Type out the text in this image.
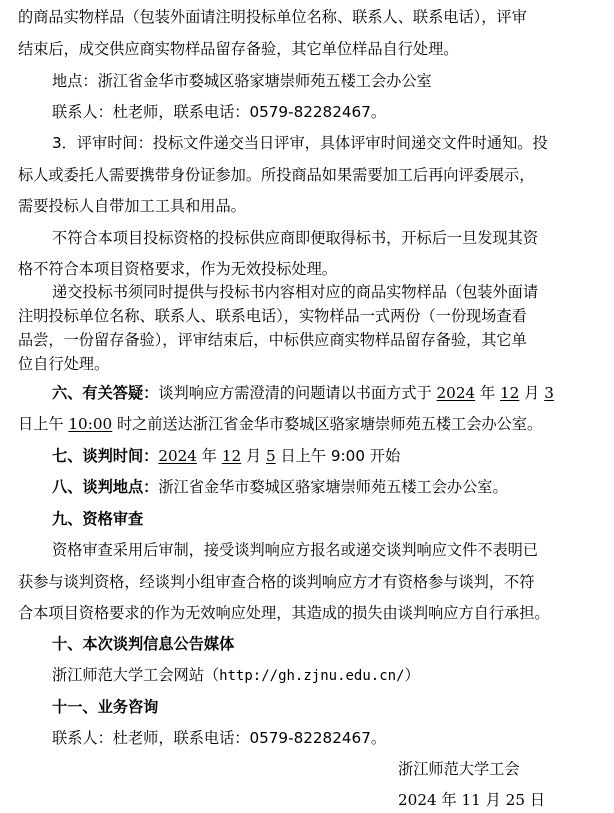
的商品实物样品（包装外面请注明投标单位名称、联系人、联系电话），评审
结束后，成交供应商实物样品留存备验，其它单位样品自行处理。
地点：浙江省金华市婺城区骆家塘崇师苑五楼工会办公室
联系人：杜老师，联系电话：0579-82282467。
3．评审时间：投标文件递交当日评审，具体评审时间递交文件时通知。投
标人或委托人需要携带身份证参加。所投商品如果需要加工后再向评委展示，
需要投标人自带加工工具和用品。
不符合本项目投标资格的投标供应商即便取得标书，开标后一旦发现其资
格不符合本项目资格要求，作为无效投标处理。
递交投标书须同时提供与投标书内容相对应的商品实物样品（包装外面请
注明投标单位名称、联系人、联系电话），实物样品一式两份（一份现场查看
品尝，一份留存备验），评审结束后，中标供应商实物样品留存备验，其它单
位自行处理。
六、有关答疑：谈判响应方需澄清的问题请以书面方式于 2024 年 12 月 3
日上午 10:00 时之前送达浙江省金华市婺城区骆家塘崇师苑五楼工会办公室。
七、谈判时间：2024 年 12 月 5 日上午 9:00 开始
八、谈判地点：浙江省金华市婺城区骆家塘崇师苑五楼工会办公室。
九、资格审查
资格审查采用后审制，接受谈判响应方报名或递交谈判响应文件不表明已
获参与谈判资格，经谈判小组审查合格的谈判响应方才有资格参与谈判，不符
合本项目资格要求的作为无效响应处理，其造成的损失由谈判响应方自行承担。
十、本次谈判信息公告媒体
浙江师范大学工会网站（http://gh.zjnu.edu.cn/）
十一、业务咨询
联系人：杜老师，联系电话：0579-82282467。
浙江师范大学工会
2024 年 11 月 25 日
